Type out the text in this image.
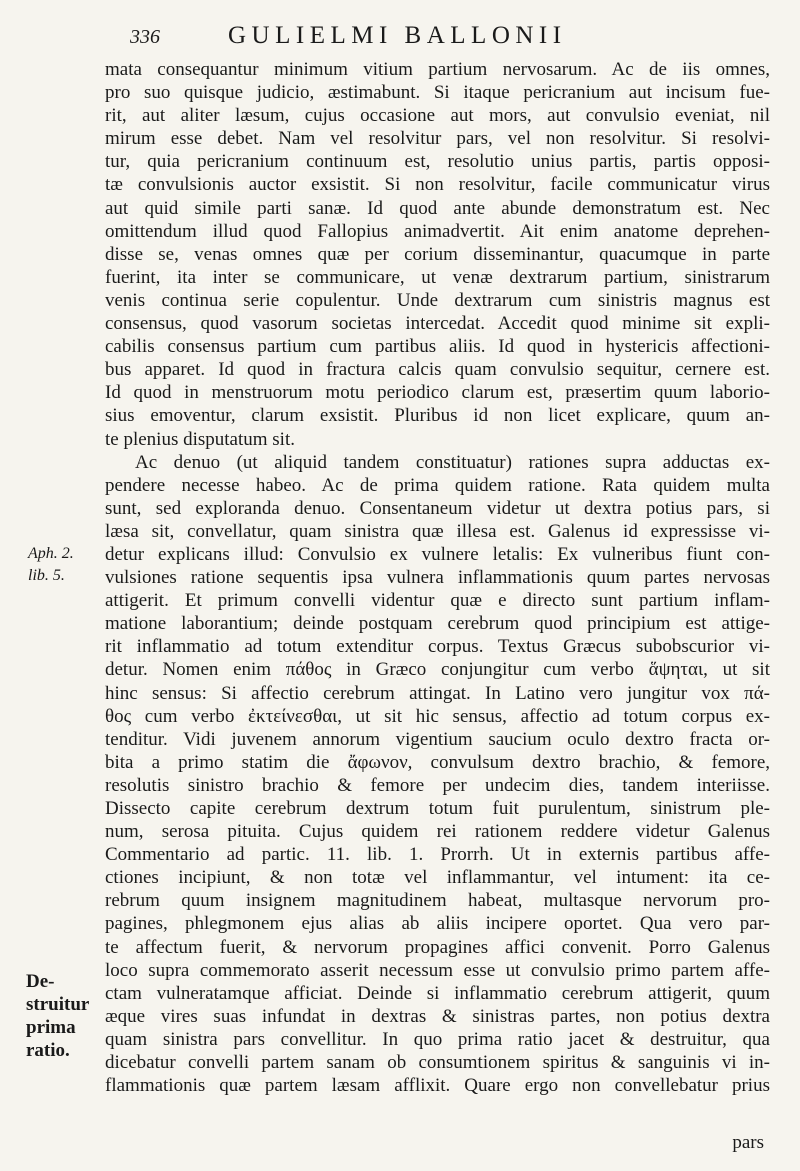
336	GULIELMI BALLONII
Aph. 2.
lib. 5.
De-
struitur
prima
ratio.
mata consequantur minimum vitium partium nervosarum. Ac de iis omnes,
pro suo quisque judicio, æstimabunt. Si itaque pericranium aut incisum fue-
rit, aut aliter læsum, cujus occasione aut mors, aut convulsio eveniat, nil
mirum esse debet. Nam vel resolvitur pars, vel non resolvitur. Si resolvi-
tur, quia pericranium continuum est, resolutio unius partis, partis opposi-
tæ convulsionis auctor exsistit. Si non resolvitur, facile communicatur virus
aut quid simile parti sanæ. Id quod ante abunde demonstratum est. Nec
omittendum illud quod Fallopius animadvertit. Ait enim anatome deprehen-
disse se, venas omnes quæ per corium disseminantur, quacumque in parte
fuerint, ita inter se communicare, ut venæ dextrarum partium, sinistrarum
venis continua serie copulentur. Unde dextrarum cum sinistris magnus est
consensus, quod vasorum societas intercedat. Accedit quod minime sit expli-
cabilis consensus partium cum partibus aliis. Id quod in hystericis affectioni-
bus apparet. Id quod in fractura calcis quam convulsio sequitur, cernere est.
Id quod in menstruorum motu periodico clarum est, præsertim quum laborio-
sius emoventur, clarum exsistit. Pluribus id non licet explicare, quum an-
te plenius disputatum sit.
Ac denuo (ut aliquid tandem constituatur) rationes supra adductas ex-
pendere necesse habeo. Ac de prima quidem ratione. Rata quidem multa
sunt, sed exploranda denuo. Consentaneum videtur ut dextra potius pars, si
læsa sit, convellatur, quam sinistra quæ illesa est. Galenus id expressisse vi-
detur explicans illud: Convulsio ex vulnere letalis: Ex vulneribus fiunt con-
vulsiones ratione sequentis ipsa vulnera inflammationis quum partes nervosas
attigerit. Et primum convelli videntur quæ e directo sunt partium inflam-
matione laborantium; deinde postquam cerebrum quod principium est attige-
rit inflammatio ad totum extenditur corpus. Textus Græcus subobscurior vi-
detur. Nomen enim πάθος in Græco conjungitur cum verbo ἅψηται, ut sit
hinc sensus: Si affectio cerebrum attingat. In Latino vero jungitur vox πά-
θος cum verbo ἐκτείνεσθαι, ut sit hic sensus, affectio ad totum corpus ex-
tenditur. Vidi juvenem annorum vigentium saucium oculo dextro fracta or-
bita a primo statim die ἄφωνον, convulsum dextro brachio, & femore,
resolutis sinistro brachio & femore per undecim dies, tandem interiisse.
Dissecto capite cerebrum dextrum totum fuit purulentum, sinistrum ple-
num, serosa pituita. Cujus quidem rei rationem reddere videtur Galenus
Commentario ad partic. 11. lib. 1. Prorrh. Ut in externis partibus affe-
ctiones incipiunt, & non totæ vel inflammantur, vel intument: ita ce-
rebrum quum insignem magnitudinem habeat, multasque nervorum pro-
pagines, phlegmonem ejus alias ab aliis incipere oportet. Qua vero par-
te affectum fuerit, & nervorum propagines affici convenit. Porro Galenus
loco supra commemorato asserit necessum esse ut convulsio primo partem affe-
ctam vulneratamque afficiat. Deinde si inflammatio cerebrum attigerit, quum
æque vires suas infundat in dextras & sinistras partes, non potius dextra
quam sinistra pars convellitur. In quo prima ratio jacet & destruitur, qua
dicebatur convelli partem sanam ob consumtionem spiritus & sanguinis vi in-
flammationis quæ partem læsam afflixit. Quare ergo non convellebatur prius
pars
